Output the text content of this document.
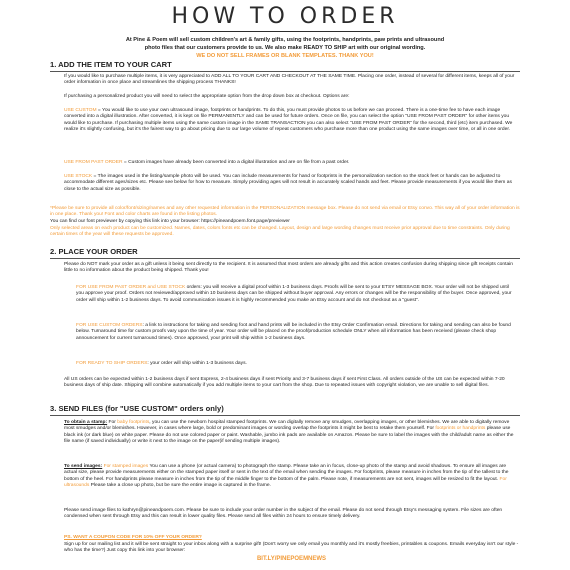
HOW TO ORDER
At Pine & Poem will sell custom children's art & family gifts, using the footprints, handprints, paw prints and ultrasound
photo files that our customers provide to us. We also make READY TO SHIP art with our original wording.
WE DO NOT SELL FRAMES OR BLANK TEMPLATES. THANK YOU!
1. ADD THE ITEM TO YOUR CART
If you would like to purchase multiple items, it is very appreciated to ADD ALL TO YOUR CART AND CHECKOUT AT THE SAME TIME. Placing one order, instead of several for different items, keeps all of your order information in once place and streamlines the shipping process THANKS!
If purchasing a personalized product you will need to select the appropriate option from the drop down box at checkout. Options are:
USE CUSTOM = You would like to use your own ultrasound image, footprints or handprints. To do this, you must provide photos to us before we can proceed. There is a one-time fee to have each image converted into a digital illustration. After converted, it is kept on file PERMANENTLY and can be used for future orders. Once on file, you can select the option "USE FROM PAST ORDER" for other items you would like to purchase. If purchasing multiple items using the same custom image in the SAME TRANSACTION you can also select "USE FROM PAST ORDER" for the second, third (etc) item purchased. We realize it's slightly confusing, but it's the fairest way to go about pricing due to our large volume of repeat customers who purchase more than one product using the same images over time, or all in one order.
USE FROM PAST ORDER = Custom images have already been converted into a digital illustration and are on file from a past order.
USE STOCK = The images used in the listing/sample photo will be used. You can include measurements for hand or footprints in the personalization section so the stock feet or hands can be adjusted to accommodate different ages/sizes etc. Please see below for how to measure. Simply providing ages will not result in accurately scaled hands and feet. Please provide measurements if you would like them as close to the actual size as possible.
*Please be sure to provide all color/font/sizing/names and any other requested information in the PERSONALIZATION message box. Please do not send via email or Etsy convo. This way all of your order information is in one place. Thank you! Font and color charts are found in the listing photos.
You can find our font previewer by copying this link into your browser: https://pineandpoem.font.page/previewer
Only selected areas on each product can be customized. Names, dates, colors fonts etc can be changed. Layout, design and large wording changes must receive prior approval due to time constraints. Only during certain times of the year will these requests be approved.
2. PLACE YOUR ORDER
Please do NOT mark your order as a gift unless it being sent directly to the recipient. It is assumed that most orders are already gifts and this action creates confusion during shipping since gift receipts contain little to no information about the product being shipped. Thank you!
FOR USE FROM PAST ORDER and USE STOCK orders: you will receive a digital proof within 1-3 business days. Proofs will be sent to your ETSY MESSAGE BOX. Your order will not be shipped until you approve your proof. Orders not reviewed/approved within 10 business days can be shipped without buyer approval. Any errors or changes will be the responsibility of the buyer. Once approved, your order will ship within 1-2 business days. To avoid communication issues it is highly recommended you make an Etsy account and do not checkout as a "guest".
FOR USE CUSTOM ORDERS: a link to instructions for taking and sending foot and hand prints will be included in the Etsy Order Confirmation email. Directions for taking and sending can also be found below. Turnaround time for custom proofs vary upon the time of year. Your order will be placed on the proof/production schedule ONLY when all information has been received (please check shop announcement for current turnaround times). Once approved, your print will ship within 1-2 business days.
FOR READY TO SHIP ORDERS: your order will ship within 1-3 business days.
All US orders can be expected within 1-2 business days if sent Express, 2-4 business days if sent Priority and 3-7 business days if sent First Class. All orders outside of the US can be expected within 7-20 business days of ship date. Shipping will combine automatically if you add multiple items to your cart from the shop. Due to repeated issues with copyright violation, we are unable to sell digital files.
3. SEND FILES (for "USE CUSTOM" orders only)
To obtain a stamp: For baby footprints, you can use the newborn hospital stamped footprints. We can digitally remove any smudges, overlapping images, or other blemishes. We are able to digitally remove most smudges and/or blemishes. However, in cases where large, bold or predominant images or wording overlap the footprints it might be best to retake them yourself. For footprints or handprints please use black ink (or dark blue) on white paper. Please do not use colored paper or paint. Washable, jumbo ink pads are available on Amazon. Please be sure to label the images with the child/adult name as either the file name (if saved individually) or write it next to the image on the paper(if sending multiple images).
To send images: For stamped images You can use a phone (or actual camera) to photograph the stamp. Please take an in focus, close-up photo of the stamp and avoid shadows. To ensure all images are actual size, please provide measurements either on the stamped paper itself or sent in the text of the email when sending the images. For footprints, please measure in inches from the tip of the tallest to the bottom of the heel. For handprints please measure in inches from the tip of the middle finger to the bottom of the palm. Please note, if measurements are not sent, images will be resized to fit the layout. For ultrasounds Please take a close up photo, but be sure the entire image is captured in the frame.
Please send image files to kathryn@pineandpoem.com. Please be sure to include your order number in the subject of the email. Please do not send through Etsy's messaging system. File sizes are often condensed when sent through Etsy and this can result in lower quality files. Please send all files within 24 hours to ensure timely delivery.
PS. WANT A COUPON CODE FOR 10% OFF YOUR ORDER?
Sign up for our mailing list and it will be sent straight to your inbox along with a surprise gift! (Don't worry we only email you monthly and it's mostly freebies, printables & coupons. Emails everyday isn't our style - who has the time?) Just copy this link into your browser:
BIT.LY/PINEPOEMNEWS
